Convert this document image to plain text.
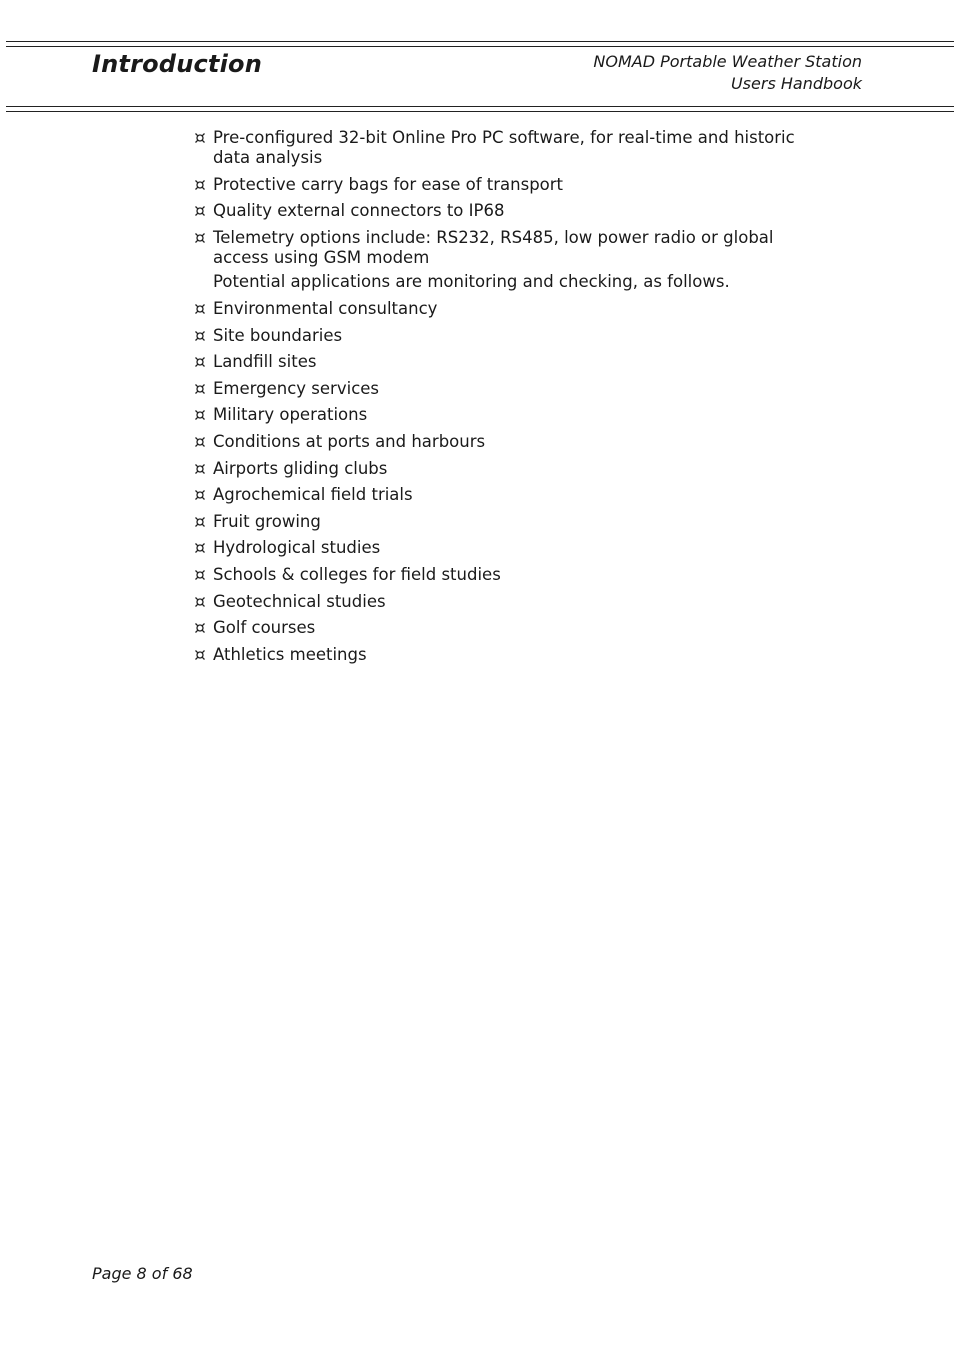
Introduction	NOMAD Portable Weather Station
Users Handbook
Pre-configured 32-bit Online Pro PC software, for real-time and historic data analysis
Protective carry bags for ease of transport
Quality external connectors to IP68
Telemetry options include: RS232, RS485, low power radio or global access using GSM modem
Potential applications are monitoring and checking, as follows.
Environmental consultancy
Site boundaries
Landfill sites
Emergency services
Military operations
Conditions at ports and harbours
Airports gliding clubs
Agrochemical field trials
Fruit growing
Hydrological studies
Schools & colleges for field studies
Geotechnical studies
Golf courses
Athletics meetings
Page 8 of 68
